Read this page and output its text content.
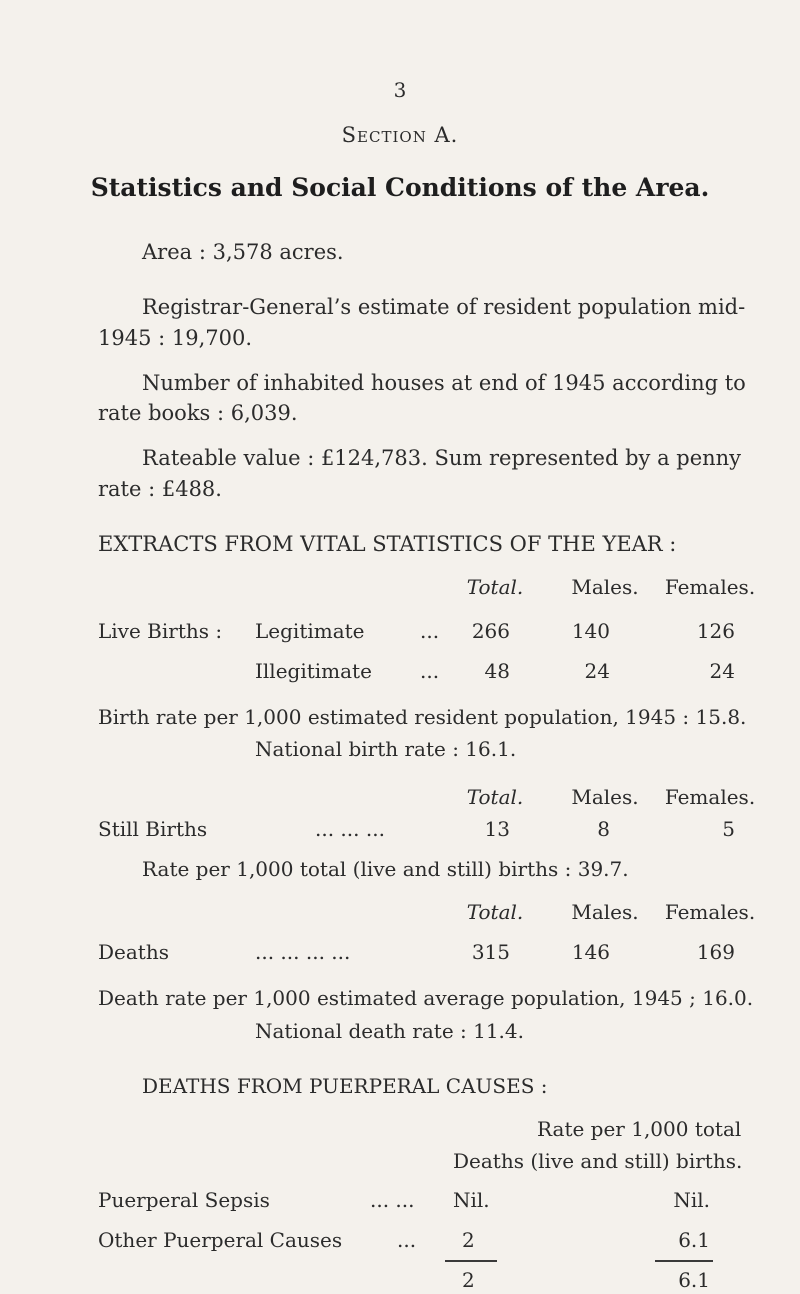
3
Section A.
Statistics and Social Conditions of the Area.
Area : 3,578 acres.
Registrar-General’s estimate of resident population mid-
1945 : 19,700.
Number of inhabited houses at end of 1945 according to
rate books : 6,039.
Rateable value : £124,783. Sum represented by a penny
rate : £488.
EXTRACTS FROM VITAL STATISTICS OF THE YEAR :
Total.	Males.	Females.
Live Births : Legitimate	...	266	140	126
Illegitimate ...	48	24	24
Birth rate per 1,000 estimated resident population, 1945 : 15.8.
National birth rate : 16.1.
Total.	Males.	Females.
Still Births	... ... ...	13	8	5
Rate per 1,000 total (live and still) births : 39.7.
Total.	Males.	Females.
Deaths	... ... ... ...	315	146	169
Death rate per 1,000 estimated average population, 1945 ; 16.0.
National death rate : 11.4.
DEATHS FROM PUERPERAL CAUSES :
Rate per 1,000 total
Deaths (live and still) births.
Puerperal Sepsis	... ... Nil.	Nil.
Other Puerperal Causes	... 2	6.1
2	6.1
